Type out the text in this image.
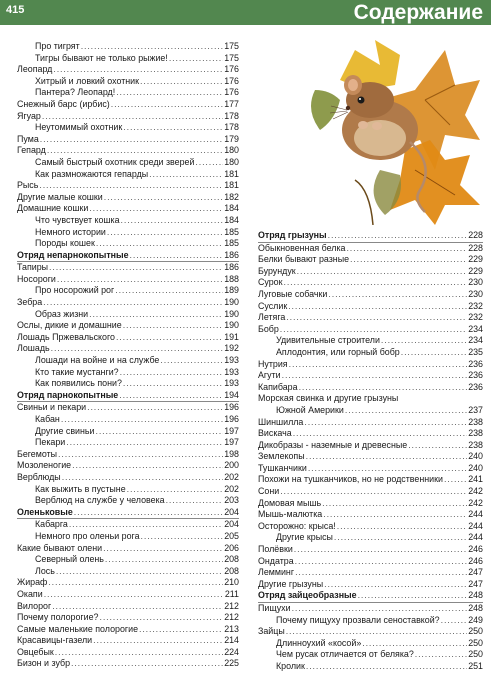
415	Содержание
Про тигрят . . .	175
Тигры бывают не только рыжие! . . .	175
Леопард . . .	176
Хитрый и ловкий охотник . . .	176
Пантера? Леопард! . . .	176
Снежный барс (ирбис) . . .	177
Ягуар . . .	178
Неутомимый охотник . . .	178
Пума . . .	179
Гепард . . .	180
Самый быстрый охотник среди зверей . . .	180
Как размножаются гепарды . . .	181
Рысь . . .	181
Другие малые кошки . . .	182
Домашние кошки . . .	184
Что чувствует кошка . . .	184
Немного истории . . .	185
Породы кошек . . .	185
Отряд непарнокопытные . . .	186
Тапиры . . .	186
Носороги . . .	188
Про носорожий рог . . .	189
Зебра . . .	190
Образ жизни . . .	190
Ослы, дикие и домашние . . .	190
Лошадь Пржевальского . . .	191
Лошадь . . .	192
Лошади на войне и на службе . . .	193
Кто такие мустанги? . . .	193
Как появились пони? . . .	193
Отряд парнокопытные . . .	194
Свиньи и пекари . . .	196
Кабан . . .	196
Другие свиньи . . .	197
Пекари . . .	197
Бегемоты . . .	198
Мозоленогие . . .	200
Верблюды . . .	202
Как выжить в пустыне . . .	202
Верблюд на службе у человека . . .	203
Оленьковые . . .	204
Кабарга . . .	204
Немного про оленьи рога . . .	205
Какие бывают олени . . .	206
Северный олень . . .	208
Лось . . .	208
Жираф . . .	210
Окапи . . .	211
Вилорог . . .	212
Почему полорогие? . . .	212
Самые маленькие полорогие . . .	213
Красавицы-газели . . .	214
Овцебык . . .	224
Бизон и зубр . . .	225
Отряд грызуны . . .	228
Обыкновенная белка . . .	228
Белки бывают разные . . .	229
Бурундук . . .	229
Сурок . . .	230
Луговые собачки . . .	230
Суслик . . .	232
Летяга . . .	232
Бобр . . .	234
Удивительные строители . . .	234
Аплодонтия, или горный бобр . . .	235
Нутрия . . .	236
Агути . . .	236
Капибара . . .	236
Морская свинка и другие грызуны
Южной Америки . . .	237
Шиншилла . . .	238
Вискача . . .	238
Дикобразы - наземные и древесные . . .	238
Землекопы . . .	240
Тушканчики . . .	240
Похожи на тушканчиков, но не родственники . . .	241
Сони . . .	242
Домовая мышь . . .	242
Мышь-малютка . . .	244
Осторожно: крыса! . . .	244
Другие крысы . . .	244
Полёвки . . .	246
Ондатра . . .	246
Лемминг . . .	247
Другие грызуны . . .	247
Отряд зайцеобразные . . .	248
Пищухи . . .	248
Почему пищуху прозвали сеноставкой? . . .	249
Зайцы . . .	250
Длинноухий «косой» . . .	250
Чем русак отличается от беляка? . . .	250
Кролик . . .	251
